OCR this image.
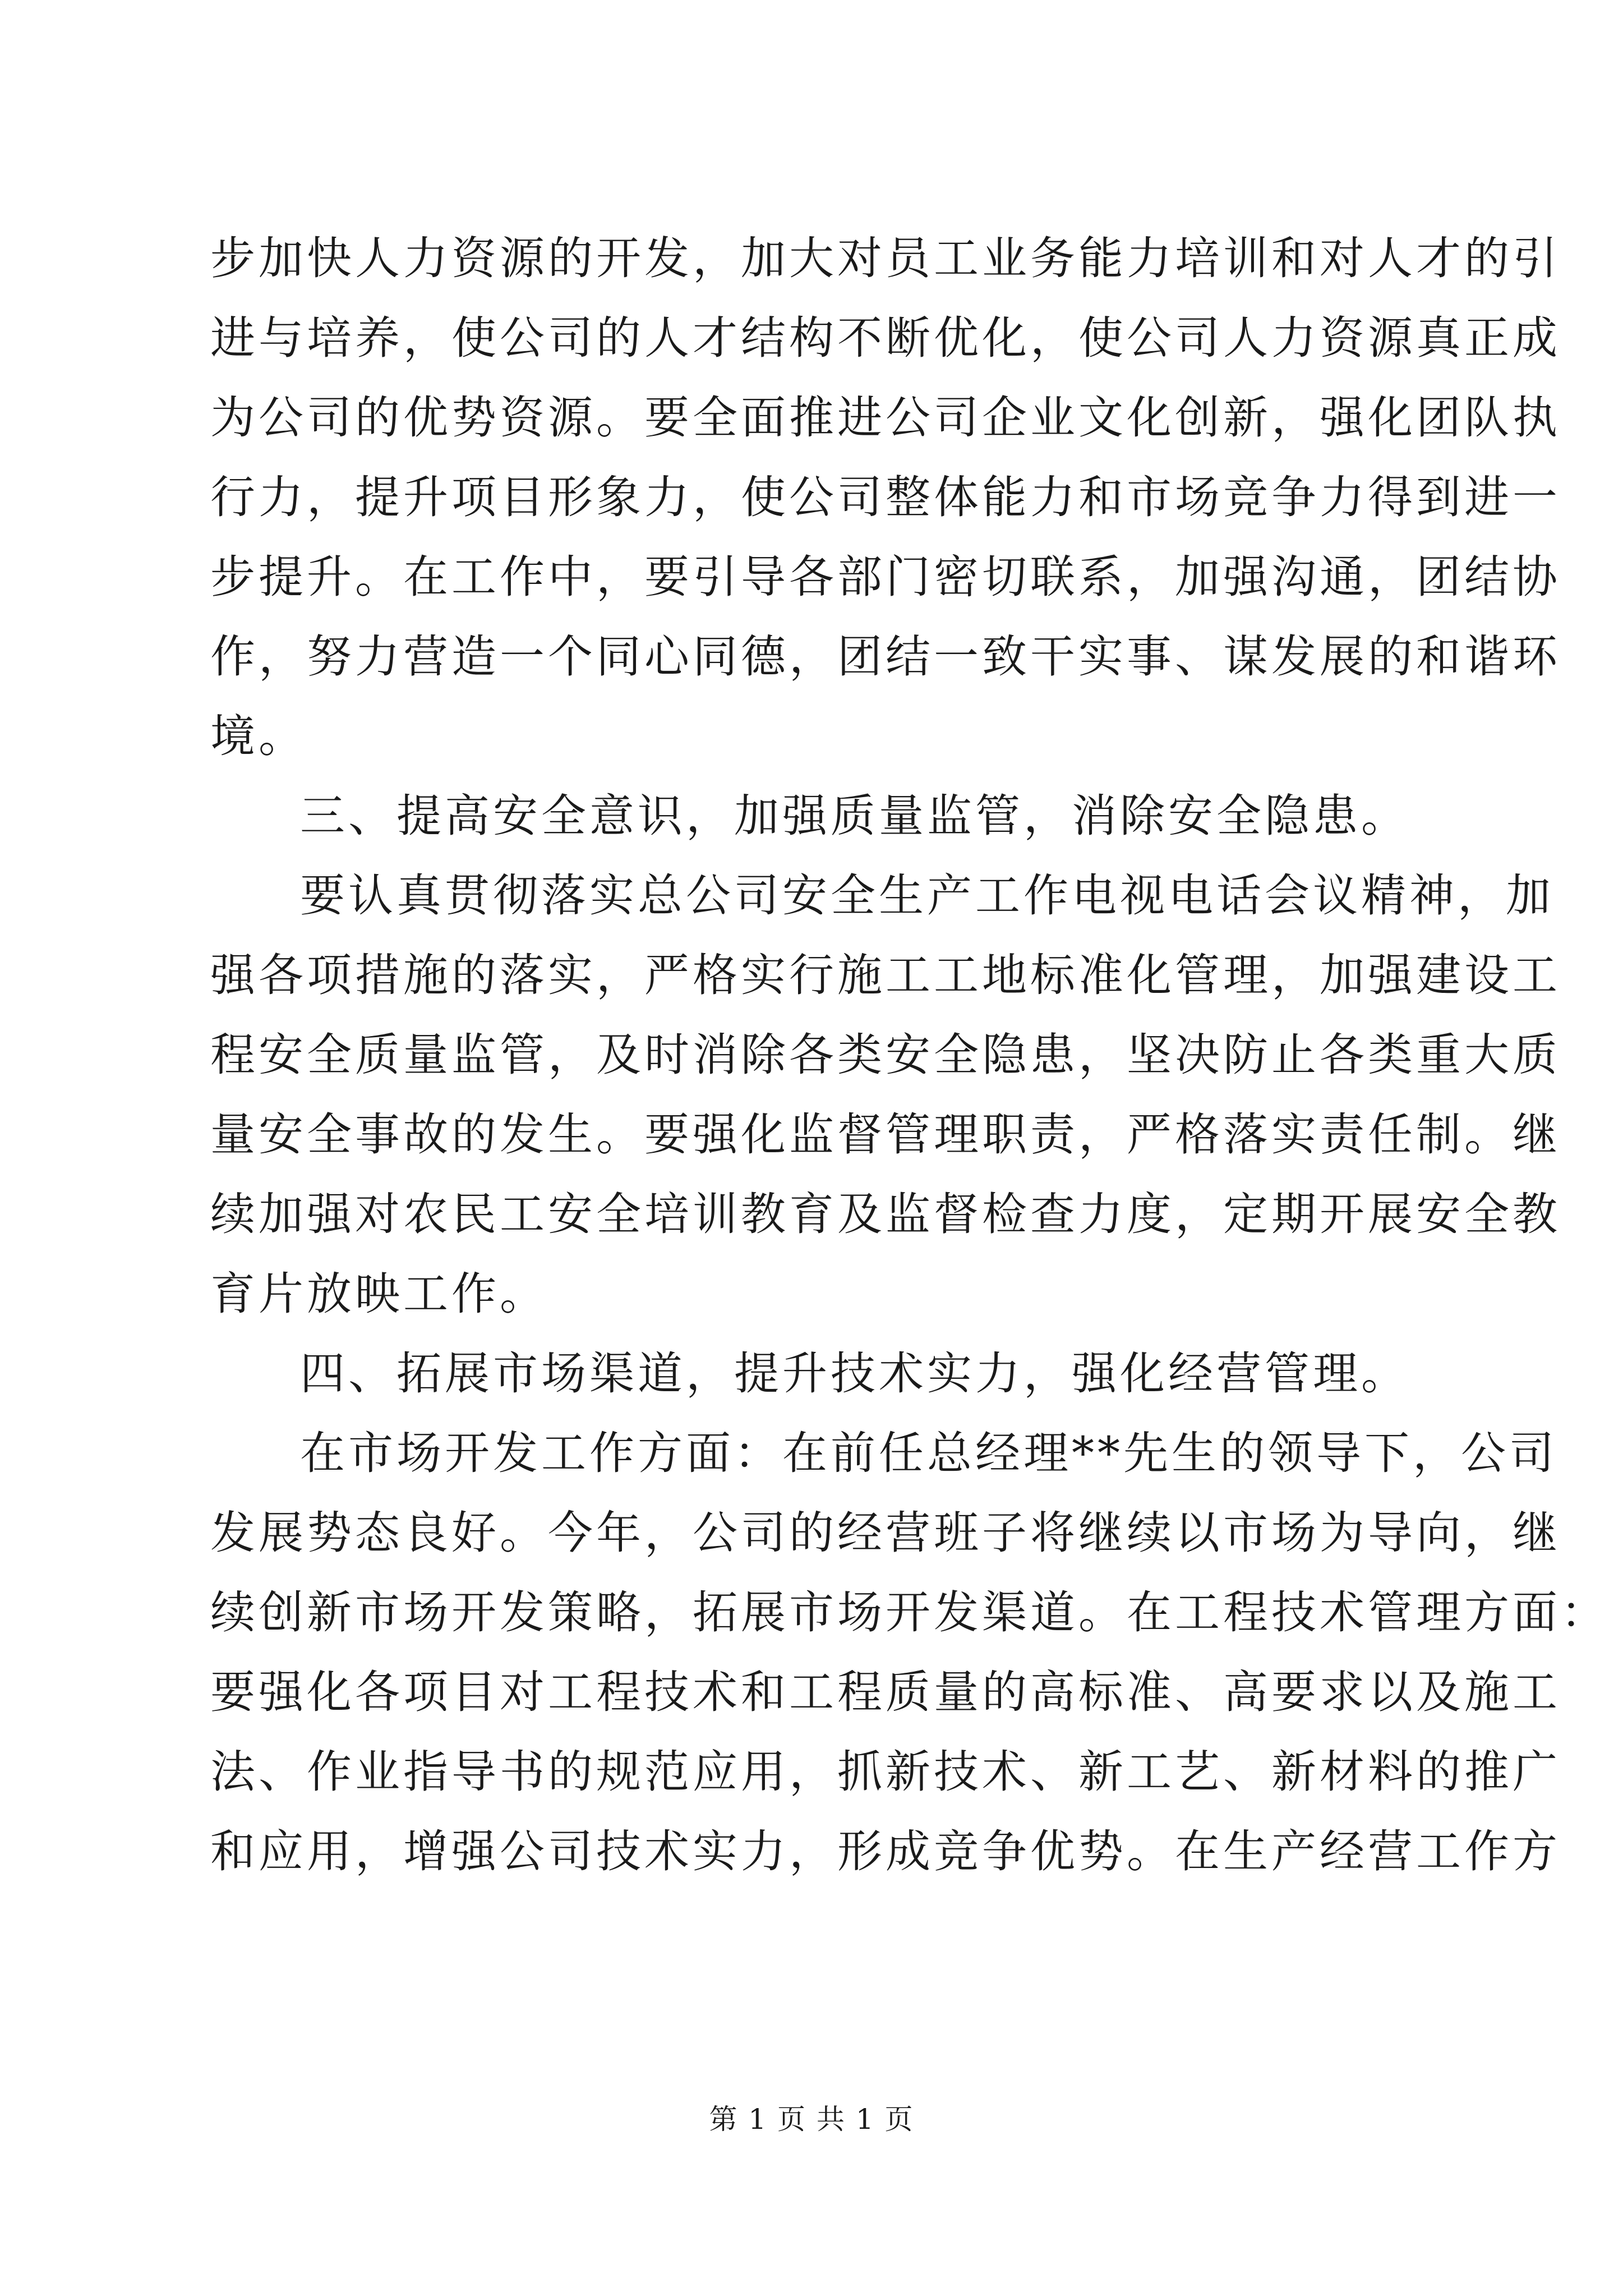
步加快人力资源的开发，加大对员工业务能力培训和对人才的引
进与培养，使公司的人才结构不断优化，使公司人力资源真正成
为公司的优势资源。要全面推进公司企业文化创新，强化团队执
行力，提升项目形象力，使公司整体能力和市场竞争力得到进一
步提升。在工作中，要引导各部门密切联系，加强沟通，团结协
作，努力营造一个同心同德，团结一致干实事、谋发展的和谐环
境。
三、提高安全意识，加强质量监管，消除安全隐患。
要认真贯彻落实总公司安全生产工作电视电话会议精神，加
强各项措施的落实，严格实行施工工地标准化管理，加强建设工
程安全质量监管，及时消除各类安全隐患，坚决防止各类重大质
量安全事故的发生。要强化监督管理职责，严格落实责任制。继
续加强对农民工安全培训教育及监督检查力度，定期开展安全教
育片放映工作。
四、拓展市场渠道，提升技术实力，强化经营管理。
在市场开发工作方面：在前任总经理**先生的领导下，公司
发展势态良好。今年，公司的经营班子将继续以市场为导向，继
续创新市场开发策略，拓展市场开发渠道。在工程技术管理方面：
要强化各项目对工程技术和工程质量的高标准、高要求以及施工
法、作业指导书的规范应用，抓新技术、新工艺、新材料的推广
和应用，增强公司技术实力，形成竞争优势。在生产经营工作方
第 1 页 共 1 页
